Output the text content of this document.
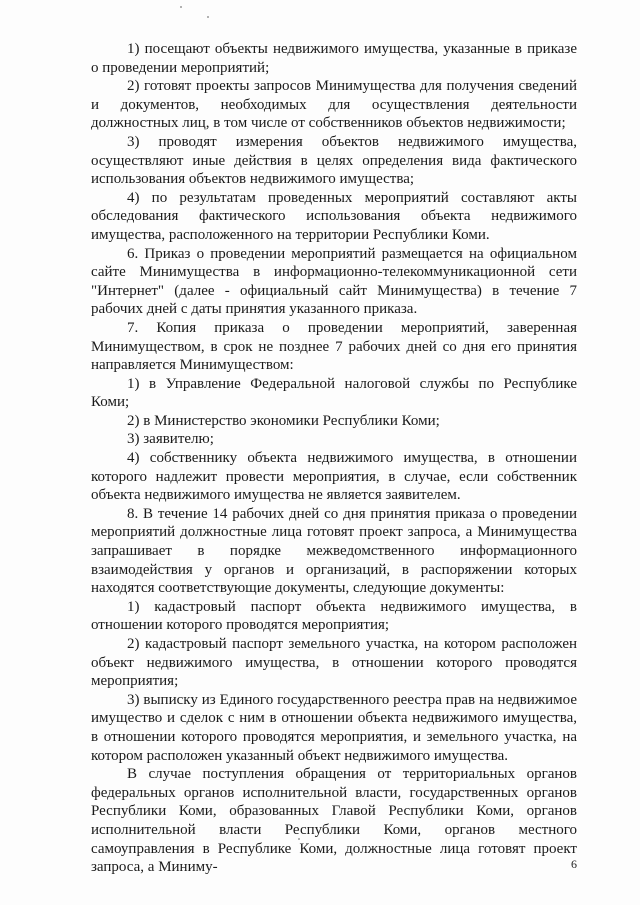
1) посещают объекты недвижимого имущества, указанные в приказе о проведении мероприятий;

2) готовят проекты запросов Минимущества для получения сведений и документов, необходимых для осуществления деятельности должностных лиц, в том числе от собственников объектов недвижимости;

3) проводят измерения объектов недвижимого имущества, осуществляют иные действия в целях определения вида фактического использования объектов недвижимого имущества;

4) по результатам проведенных мероприятий составляют акты обследования фактического использования объекта недвижимого имущества, расположенного на территории Республики Коми.

6. Приказ о проведении мероприятий размещается на официальном сайте Минимущества в информационно-телекоммуникационной сети "Интернет" (далее - официальный сайт Минимущества) в течение 7 рабочих дней с даты принятия указанного приказа.

7. Копия приказа о проведении мероприятий, заверенная Минимуществом, в срок не позднее 7 рабочих дней со дня его принятия направляется Минимуществом:

1) в Управление Федеральной налоговой службы по Республике Коми;

2) в Министерство экономики Республики Коми;

3) заявителю;

4) собственнику объекта недвижимого имущества, в отношении которого надлежит провести мероприятия, в случае, если собственник объекта недвижимого имущества не является заявителем.

8. В течение 14 рабочих дней со дня принятия приказа о проведении мероприятий должностные лица готовят проект запроса, а Минимущества запрашивает в порядке межведомственного информационного взаимодействия у органов и организаций, в распоряжении которых находятся соответствующие документы, следующие документы:

1) кадастровый паспорт объекта недвижимого имущества, в отношении которого проводятся мероприятия;

2) кадастровый паспорт земельного участка, на котором расположен объект недвижимого имущества, в отношении которого проводятся мероприятия;

3) выписку из Единого государственного реестра прав на недвижимое имущество и сделок с ним в отношении объекта недвижимого имущества, в отношении которого проводятся мероприятия, и земельного участка, на котором расположен указанный объект недвижимого имущества.

В случае поступления обращения от территориальных органов федеральных органов исполнительной власти, государственных органов Республики Коми, образованных Главой Республики Коми, органов исполнительной власти Республики Коми, органов местного самоуправления в Республике Коми, должностные лица готовят проект запроса, а Миниму-	6
